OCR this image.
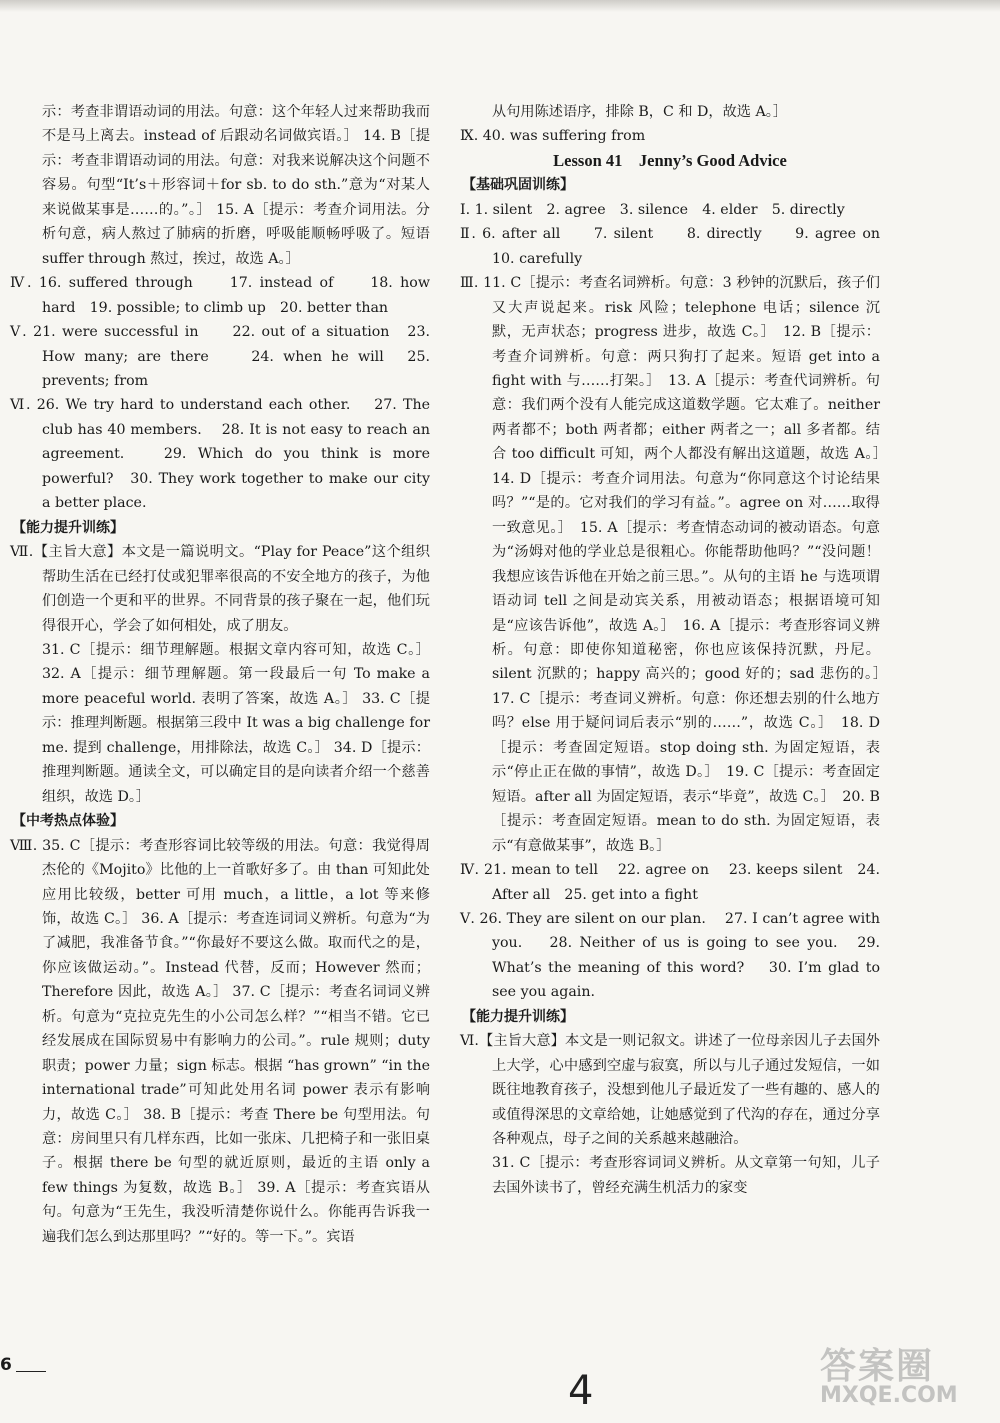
示：考查非谓语动词的用法。句意：这个年轻人过来帮助我而不是马上离去。instead of 后跟动名词做宾语。］ 14. B［提示：考查非谓语动词的用法。句意：对我来说解决这个问题不容易。句型“It’s＋形容词＋for sb. to do sth.”意为“对某人来说做某事是……的。”。］ 15. A［提示：考查介词用法。分析句意，病人熬过了肺病的折磨，呼吸能顺畅呼吸了。短语 suffer through 熬过，挨过，故选 A。］
Ⅳ. 16. suffered through　　17. instead of　　18. how hard　19. possible; to climb up　20. better than
Ⅴ. 21. were successful in　　22. out of a situation　23. How many; are there　　24. when he will　25. prevents; from
Ⅵ. 26. We try hard to understand each other.　 27. The club has 40 members.　 28. It is not easy to reach an agreement.　 29. Which do you think is more powerful?　30. They work together to make our city a better place.
【能力提升训练】
Ⅶ.【主旨大意】本文是一篇说明文。“Play for Peace”这个组织帮助生活在已经打仗或犯罪率很高的不安全地方的孩子，为他们创造一个更和平的世界。不同背景的孩子聚在一起，他们玩得很开心，学会了如何相处，成了朋友。
31. C［提示：细节理解题。根据文章内容可知，故选 C。］ 32. A［提示：细节理解题。第一段最后一句 To make a more peaceful world. 表明了答案，故选 A。］ 33. C［提示：推理判断题。根据第三段中 It was a big challenge for me. 提到 challenge，用排除法，故选 C。］ 34. D［提示：推理判断题。通读全文，可以确定目的是向读者介绍一个慈善组织，故选 D。］
【中考热点体验】
Ⅷ. 35. C［提示：考查形容词比较等级的用法。句意：我觉得周杰伦的《Mojito》比他的上一首歌好多了。由 than 可知此处应用比较级，better 可用 much，a little，a lot 等来修饰，故选 C。］ 36. A［提示：考查连词词义辨析。句意为“为了减肥，我准备节食。”“你最好不要这么做。取而代之的是，你应该做运动。”。Instead 代替，反而；However 然而；Therefore 因此，故选 A。］ 37. C［提示：考查名词词义辨析。句意为“克拉克先生的小公司怎么样？”“相当不错。它已经发展成在国际贸易中有影响力的公司。”。rule 规则；duty 职责；power 力量；sign 标志。根据 “has grown” “in the international trade”可知此处用名词 power 表示有影响力，故选 C。］ 38. B［提示：考查 There be 句型用法。句意：房间里只有几样东西，比如一张床、几把椅子和一张旧桌子。根据 there be 句型的就近原则，最近的主语 only a few things 为复数，故选 B。］ 39. A［提示：考查宾语从句。句意为“王先生，我没听清楚你说什么。你能再告诉我一遍我们怎么到达那里吗？”“好的。等一下。”。宾语
从句用陈述语序，排除 B，C 和 D，故选 A。］
Ⅸ. 40. was suffering from
Lesson 41　Jenny’s Good Advice
【基础巩固训练】
Ⅰ. 1. silent　2. agree　3. silence　4. elder　5. directly
Ⅱ. 6. after all　　7. silent　　8. directly　　9. agree on　10. carefully
Ⅲ. 11. C［提示：考查名词辨析。句意：3 秒钟的沉默后，孩子们又大声说起来。risk 风险；telephone 电话；silence 沉默，无声状态；progress 进步，故选 C。］　12. B［提示：考查介词辨析。句意：两只狗打了起来。短语 get into a fight with 与……打架。］　13. A［提示：考查代词辨析。句意：我们两个没有人能完成这道数学题。它太难了。neither 两者都不；both 两者都；either 两者之一；all 多者都。结合 too difficult 可知，两个人都没有解出这道题，故选 A。］　14. D［提示：考查介词用法。句意为“你同意这个讨论结果吗？”“是的。它对我们的学习有益。”。agree on 对……取得一致意见。］　15. A［提示：考查情态动词的被动语态。句意为“汤姆对他的学业总是很粗心。你能帮助他吗？”“没问题！我想应该告诉他在开始之前三思。”。从句的主语 he 与选项谓语动词 tell 之间是动宾关系，用被动语态；根据语境可知是“应该告诉他”，故选 A。］　16. A［提示：考查形容词义辨析。句意：即使你知道秘密，你也应该保持沉默，丹尼。silent 沉默的；happy 高兴的；good 好的；sad 悲伤的。］　17. C［提示：考查词义辨析。句意：你还想去别的什么地方吗？else 用于疑问词后表示“别的……”，故选 C。］　18. D［提示：考查固定短语。stop doing sth. 为固定短语，表示“停止正在做的事情”，故选 D。］　19. C［提示：考查固定短语。after all 为固定短语，表示“毕竟”，故选 C。］　20. B［提示：考查固定短语。mean to do sth. 为固定短语，表示“有意做某事”，故选 B。］
Ⅳ. 21. mean to tell　 22. agree on　 23. keeps silent　24. After all　25. get into a fight
Ⅴ. 26. They are silent on our plan.　 27. I can’t agree with you.　 28. Neither of us is going to see you.　29. What’s the meaning of this word?　 30. I’m glad to see you again.
【能力提升训练】
Ⅵ.【主旨大意】本文是一则记叙文。讲述了一位母亲因儿子去国外上大学，心中感到空虚与寂寞，所以与儿子通过发短信，一如既往地教育孩子，没想到他儿子最近发了一些有趣的、感人的或值得深思的文章给她，让她感觉到了代沟的存在，通过分享各种观点，母子之间的关系越来越融洽。
31. C［提示：考查形容词词义辨析。从文章第一句知，儿子去国外读书了，曾经充满生机活力的家变
6
4
答案圈
MXQE.COM
